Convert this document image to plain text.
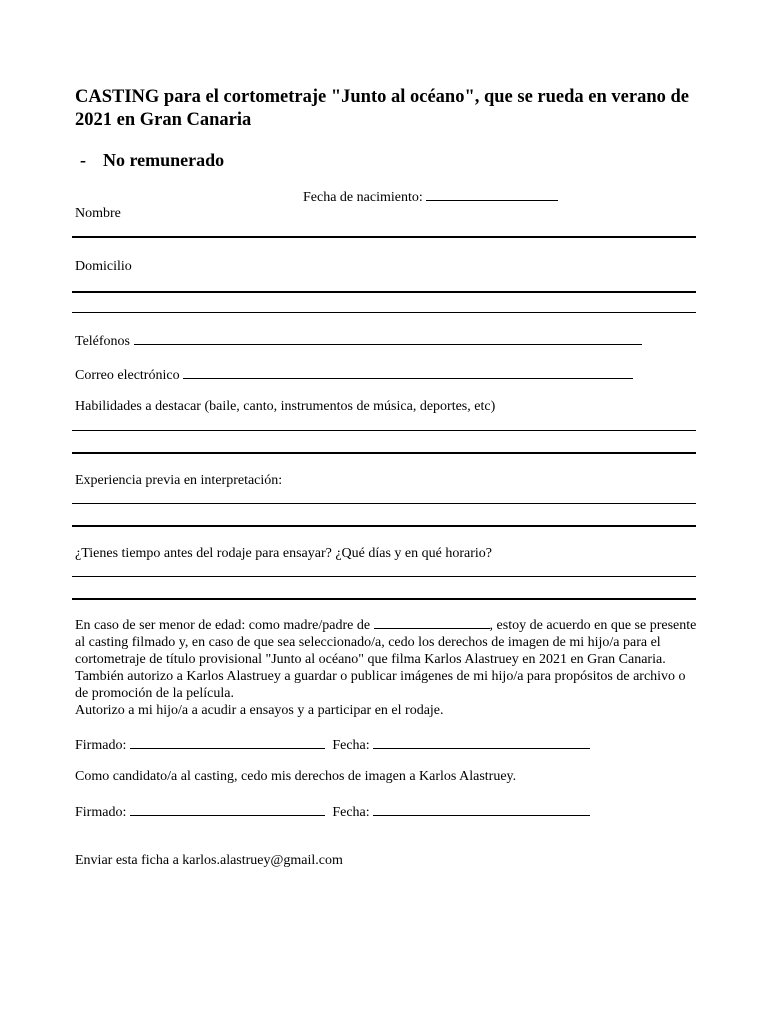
CASTING para el cortometraje "Junto al océano", que se rueda en verano de 2021 en Gran Canaria
- No remunerado
Fecha de nacimiento:
Nombre
Domicilio
Teléfonos
Correo electrónico
Habilidades a destacar (baile, canto, instrumentos de música, deportes, etc)
Experiencia previa en interpretación:
¿Tienes tiempo antes del rodaje para ensayar? ¿Qué días y en qué horario?

En caso de ser menor de edad: como madre/padre de	, estoy de acuerdo en que se presente al casting filmado y, en caso de que sea seleccionado/a, cedo los derechos de imagen de mi hijo/a para el cortometraje de título provisional "Junto al océano" que filma Karlos Alastruey en 2021 en Gran Canaria. También autorizo a Karlos Alastruey a guardar o publicar imágenes de mi hijo/a para propósitos de archivo o de promoción de la película.

Autorizo a mi hijo/a a acudir a ensayos y a participar en el rodaje.

Firmado:	Fecha:
Como candidato/a al casting, cedo mis derechos de imagen a Karlos Alastruey.
Firmado:	Fecha:
Enviar esta ficha a karlos.alastruey@gmail.com
